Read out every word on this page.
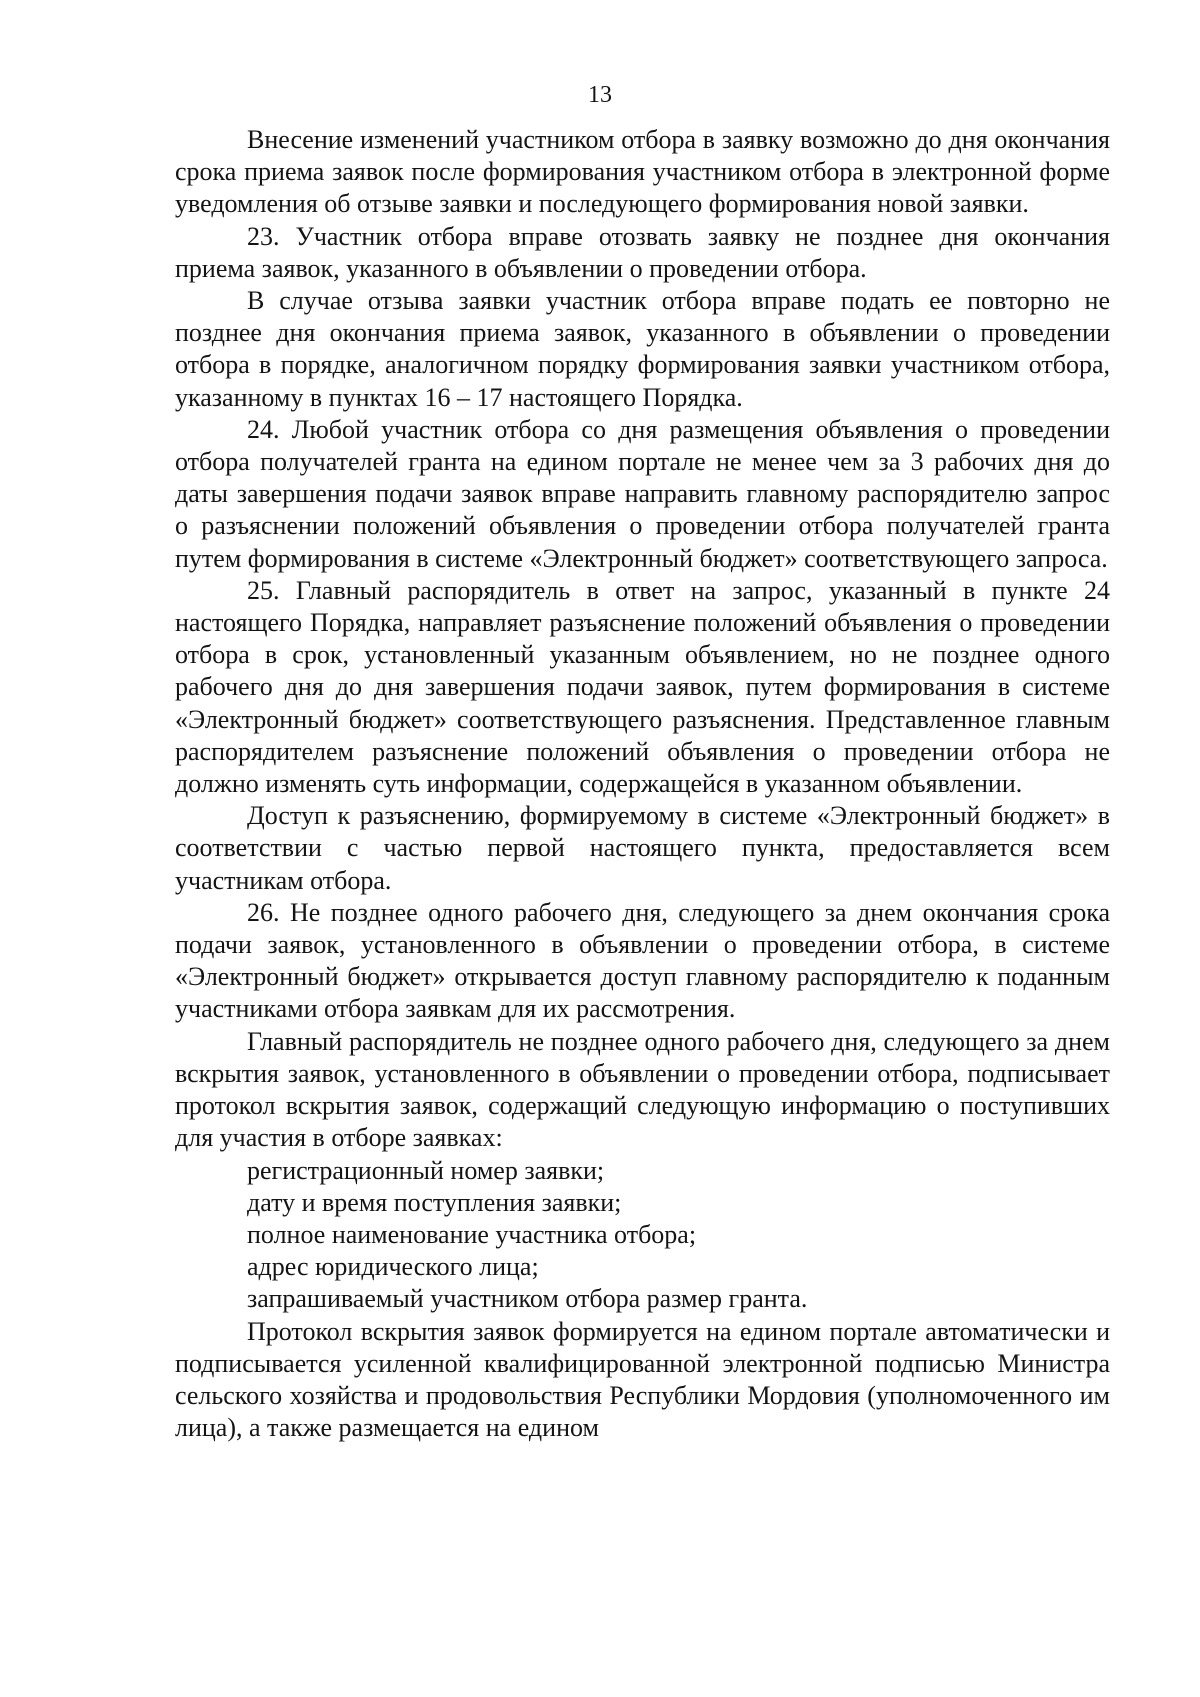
13

Внесение изменений участником отбора в заявку возможно до дня окончания срока приема заявок после формирования участником отбора в электронной форме уведомления об отзыве заявки и последующего формирования новой заявки.

23. Участник отбора вправе отозвать заявку не позднее дня окончания приема заявок, указанного в объявлении о проведении отбора.

В случае отзыва заявки участник отбора вправе подать ее повторно не позднее дня окончания приема заявок, указанного в объявлении о проведении отбора в порядке, аналогичном порядку формирования заявки участником отбора, указанному в пунктах 16 – 17 настоящего Порядка.

24. Любой участник отбора со дня размещения объявления о проведении отбора получателей гранта на едином портале не менее чем за 3 рабочих дня до даты завершения подачи заявок вправе направить главному распорядителю запрос о разъяснении положений объявления о проведении отбора получателей гранта путем формирования в системе «Электронный бюджет» соответствующего запроса.

25. Главный распорядитель в ответ на запрос, указанный в пункте 24 настоящего Порядка, направляет разъяснение положений объявления о проведении отбора в срок, установленный указанным объявлением, но не позднее одного рабочего дня до дня завершения подачи заявок, путем формирования в системе «Электронный бюджет» соответствующего разъяснения. Представленное главным распорядителем разъяснение положений объявления о проведении отбора не должно изменять суть информации, содержащейся в указанном объявлении.

Доступ к разъяснению, формируемому в системе «Электронный бюджет» в соответствии с частью первой настоящего пункта, предоставляется всем участникам отбора.

26. Не позднее одного рабочего дня, следующего за днем окончания срока подачи заявок, установленного в объявлении о проведении отбора, в системе «Электронный бюджет» открывается доступ главному распорядителю к поданным участниками отбора заявкам для их рассмотрения.

Главный распорядитель не позднее одного рабочего дня, следующего за днем вскрытия заявок, установленного в объявлении о проведении отбора, подписывает протокол вскрытия заявок, содержащий следующую информацию о поступивших для участия в отборе заявках:

регистрационный номер заявки;

дату и время поступления заявки;

полное наименование участника отбора;

адрес юридического лица;

запрашиваемый участником отбора размер гранта.

Протокол вскрытия заявок формируется на едином портале автоматически и подписывается усиленной квалифицированной электронной подписью Министра сельского хозяйства и продовольствия Республики Мордовия (уполномоченного им лица), а также размещается на едином
